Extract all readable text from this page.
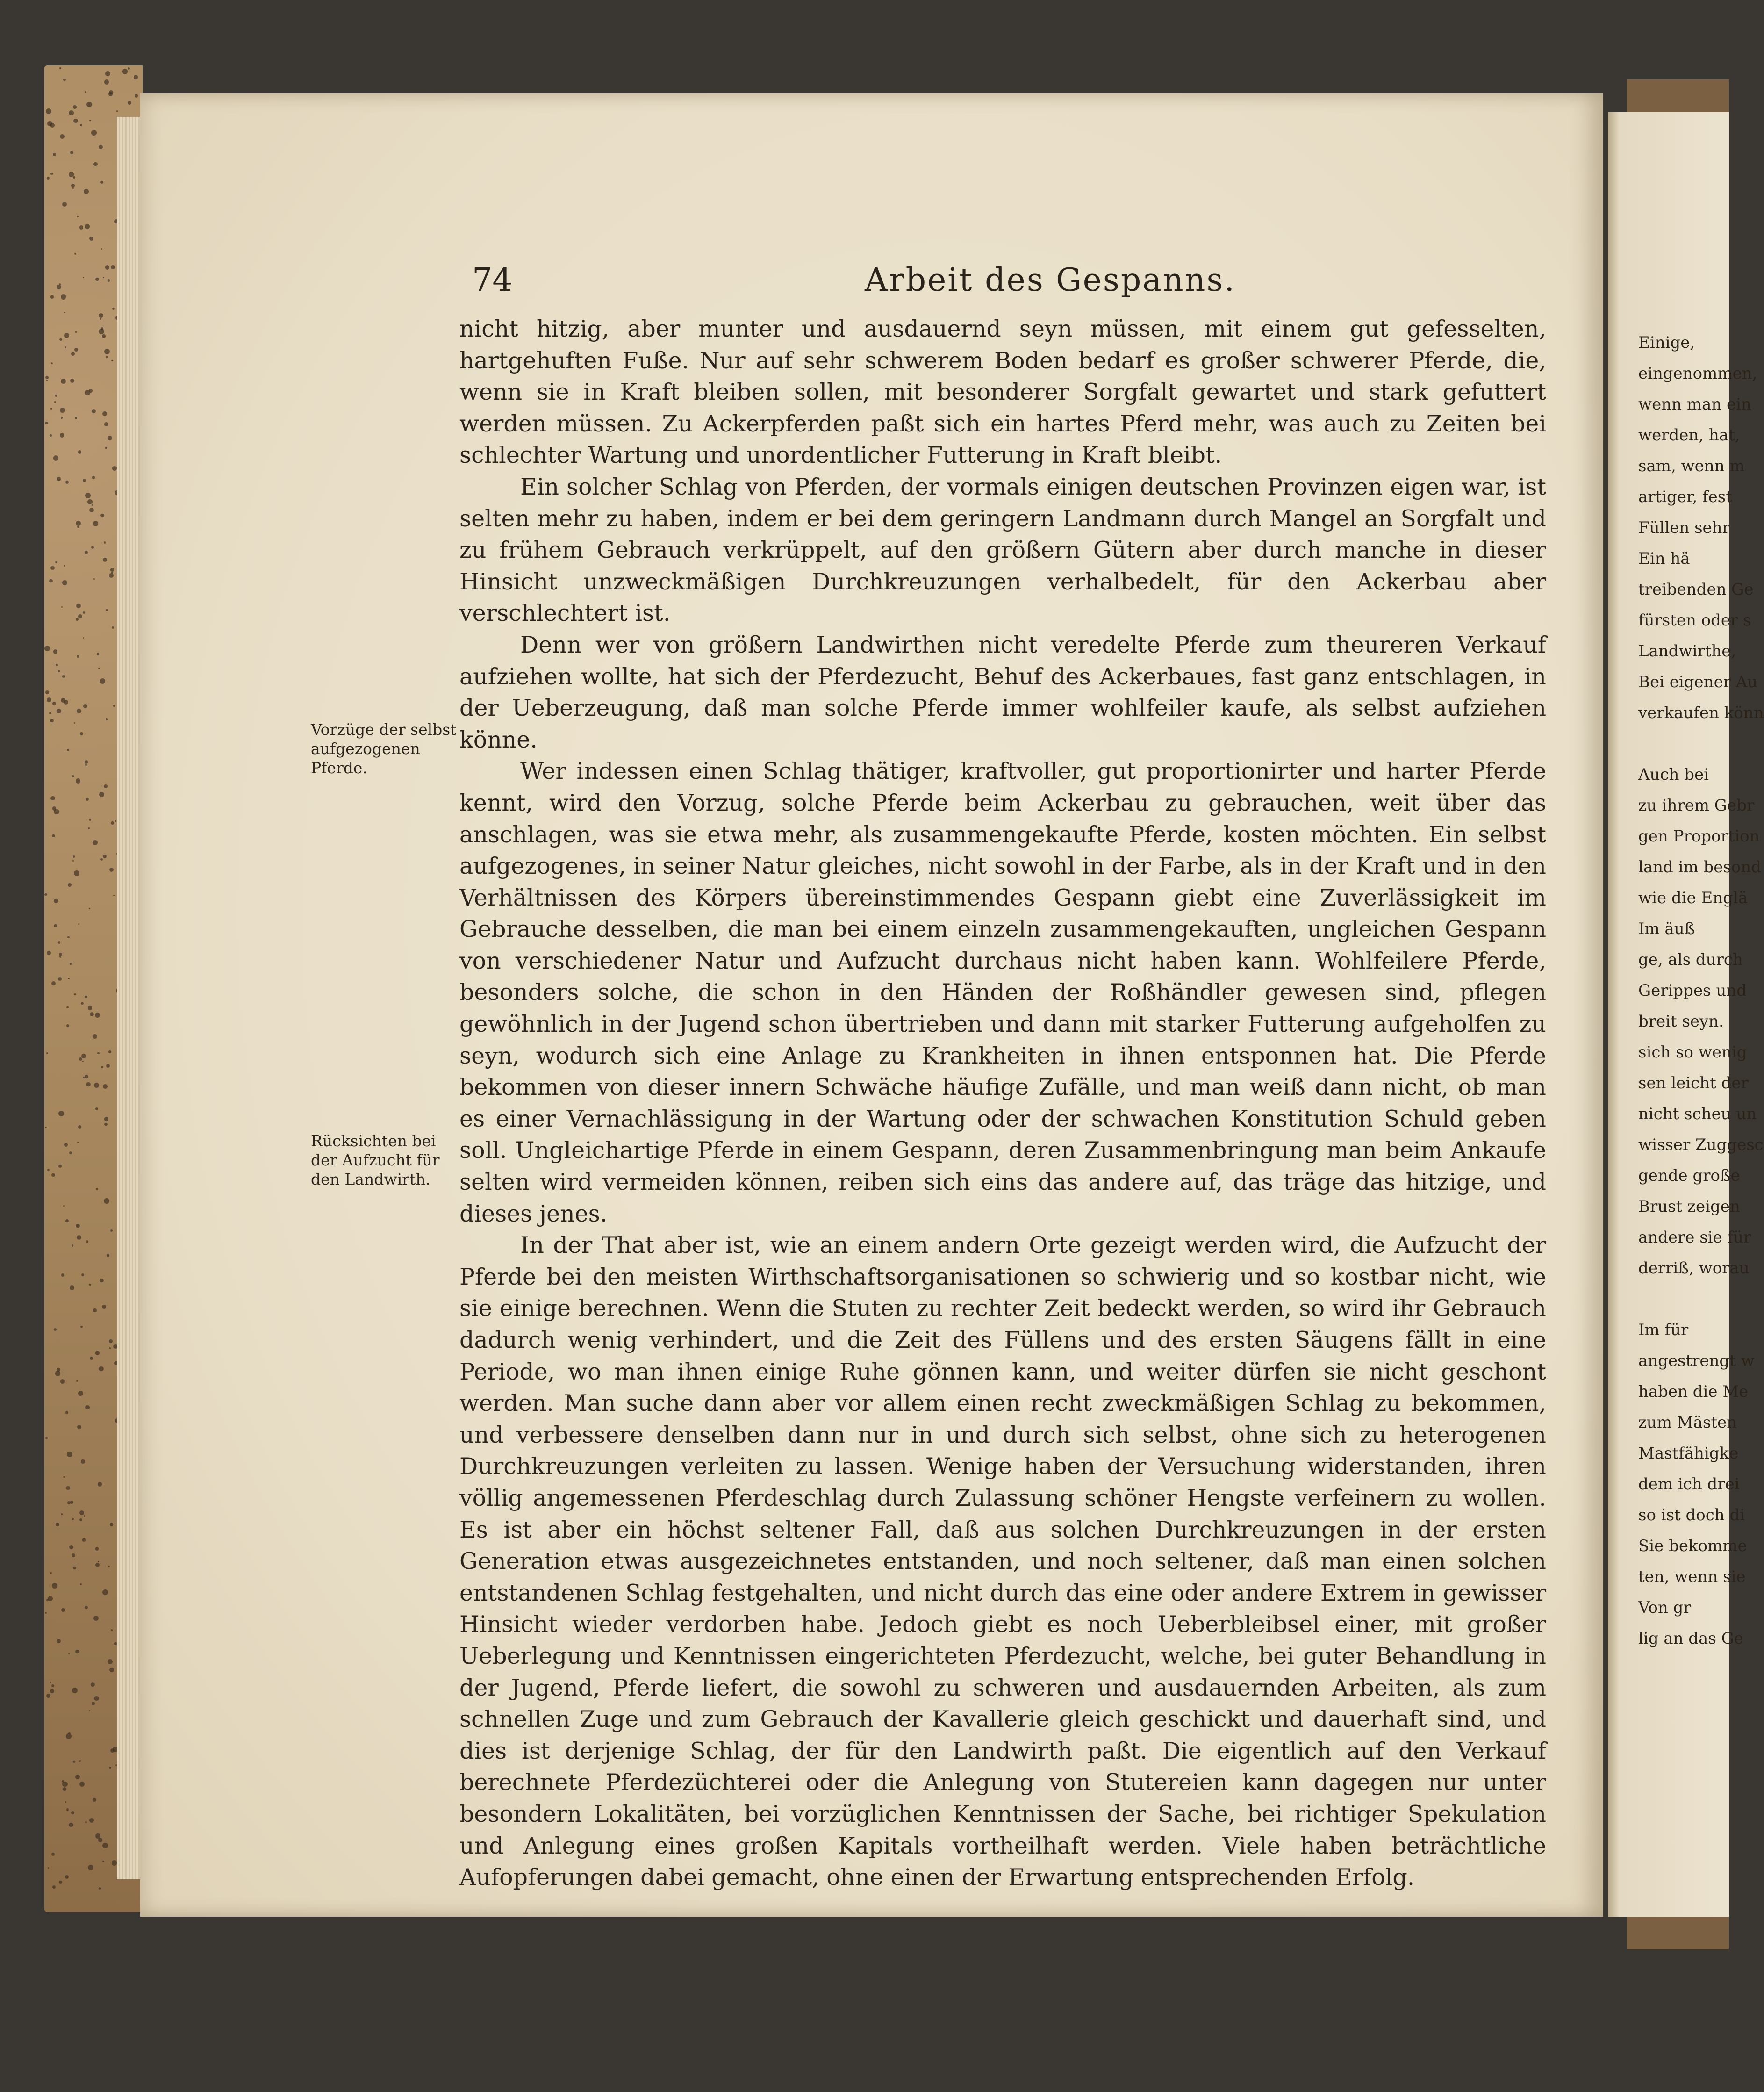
Einige,
eingenommen,
wenn man ein
werden, hat,
sam, wenn m
artiger, fest
Füllen sehr
Ein hä
treibenden Ge
fürsten oder s
Landwirthe,
Bei eigener Au
verkaufen könn
Auch bei
zu ihrem Gebr
gen Proportion
land im besond
wie die Englä
Im äuß
ge, als durch
Gerippes und
breit seyn.
sich so wenig
sen leicht der
nicht scheu un
wisser Zuggesc
gende große
Brust zeigen
andere sie für
derriß, worau
Im für
angestrengt w
haben die Me
zum Mästen
Mastfähigke
dem ich drei
so ist doch di
Sie bekomme
ten, wenn sie
Von gr
lig an das Ge
74	Arbeit des Gespanns.
Vorzüge der selbst aufgezogenen Pferde.
Rücksichten bei der Aufzucht für den Landwirth.

nicht hitzig, aber munter und ausdauernd seyn müssen, mit einem gut gefesselten, hartgehuften Fuße. Nur auf sehr schwerem Boden bedarf es großer schwerer Pferde, die, wenn sie in Kraft bleiben sollen, mit besonderer Sorgfalt gewartet und stark gefuttert werden müssen. Zu Ackerpferden paßt sich ein hartes Pferd mehr, was auch zu Zeiten bei schlechter Wartung und unordentlicher Futterung in Kraft bleibt.

Ein solcher Schlag von Pferden, der vormals einigen deutschen Provinzen eigen war, ist selten mehr zu haben, indem er bei dem geringern Landmann durch Mangel an Sorgfalt und zu frühem Gebrauch verkrüppelt, auf den größern Gütern aber durch manche in dieser Hinsicht unzweckmäßigen Durchkreuzungen verhalbedelt, für den Ackerbau aber verschlechtert ist.

Denn wer von größern Landwirthen nicht veredelte Pferde zum theureren Verkauf aufziehen wollte, hat sich der Pferdezucht, Behuf des Ackerbaues, fast ganz entschlagen, in der Ueberzeugung, daß man solche Pferde immer wohlfeiler kaufe, als selbst aufziehen könne.

Wer indessen einen Schlag thätiger, kraftvoller, gut proportionirter und harter Pferde kennt, wird den Vorzug, solche Pferde beim Ackerbau zu gebrauchen, weit über das anschlagen, was sie etwa mehr, als zusammengekaufte Pferde, kosten möchten. Ein selbst aufgezogenes, in seiner Natur gleiches, nicht sowohl in der Farbe, als in der Kraft und in den Verhältnissen des Körpers übereinstimmendes Gespann giebt eine Zuverlässigkeit im Gebrauche desselben, die man bei einem einzeln zusammengekauften, ungleichen Gespann von verschiedener Natur und Aufzucht durchaus nicht haben kann. Wohlfeilere Pferde, besonders solche, die schon in den Händen der Roßhändler gewesen sind, pflegen gewöhnlich in der Jugend schon übertrieben und dann mit starker Futterung aufgeholfen zu seyn, wodurch sich eine Anlage zu Krankheiten in ihnen entsponnen hat. Die Pferde bekommen von dieser innern Schwäche häufige Zufälle, und man weiß dann nicht, ob man es einer Vernachlässigung in der Wartung oder der schwachen Konstitution Schuld geben soll. Ungleichartige Pferde in einem Gespann, deren Zusammenbringung man beim Ankaufe selten wird vermeiden können, reiben sich eins das andere auf, das träge das hitzige, und dieses jenes.

In der That aber ist, wie an einem andern Orte gezeigt werden wird, die Aufzucht der Pferde bei den meisten Wirthschaftsorganisationen so schwierig und so kostbar nicht, wie sie einige berechnen. Wenn die Stuten zu rechter Zeit bedeckt werden, so wird ihr Gebrauch dadurch wenig verhindert, und die Zeit des Füllens und des ersten Säugens fällt in eine Periode, wo man ihnen einige Ruhe gönnen kann, und weiter dürfen sie nicht geschont werden. Man suche dann aber vor allem einen recht zweckmäßigen Schlag zu bekommen, und verbessere denselben dann nur in und durch sich selbst, ohne sich zu heterogenen Durchkreuzungen verleiten zu lassen. Wenige haben der Versuchung widerstanden, ihren völlig angemessenen Pferdeschlag durch Zulassung schöner Hengste verfeinern zu wollen. Es ist aber ein höchst seltener Fall, daß aus solchen Durchkreuzungen in der ersten Generation etwas ausgezeichnetes entstanden, und noch seltener, daß man einen solchen entstandenen Schlag festgehalten, und nicht durch das eine oder andere Extrem in gewisser Hinsicht wieder verdorben habe. Jedoch giebt es noch Ueberbleibsel einer, mit großer Ueberlegung und Kenntnissen eingerichteten Pferdezucht, welche, bei guter Behandlung in der Jugend, Pferde liefert, die sowohl zu schweren und ausdauernden Arbeiten, als zum schnellen Zuge und zum Gebrauch der Kavallerie gleich geschickt und dauerhaft sind, und dies ist derjenige Schlag, der für den Landwirth paßt. Die eigentlich auf den Verkauf berechnete Pferdezüchterei oder die Anlegung von Stutereien kann dagegen nur unter besondern Lokalitäten, bei vorzüglichen Kenntnissen der Sache, bei richtiger Spekulation und Anlegung eines großen Kapitals vortheilhaft werden. Viele haben beträchtliche Aufopferungen dabei gemacht, ohne einen der Erwartung entsprechenden Erfolg.
